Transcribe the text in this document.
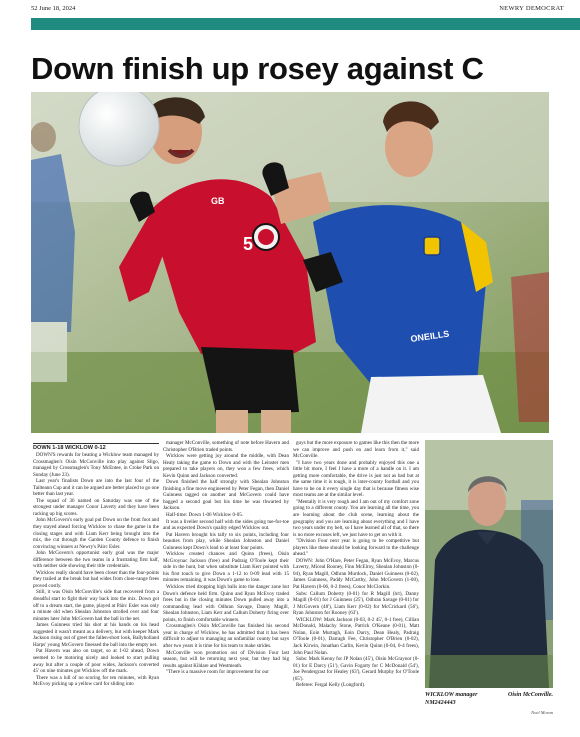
52 June 18, 2024	NEWRY DEMOCRAT
Down finish up rosey against C
GB
5
ONEILLS

DOWN 1-18 WICKLOW 0-12

DOWN'S rewards for beating a Wicklow team managed by Crossmaglen's Oisín McConville into play against Sligo, managed by Crossmaglen's Tony McEntee, in Croke Park on Sunday (June 23).

Last year's finalists Down are into the last four of the Tailteann Cup and it can be argued are better placed to go one better than last year.

The squad of 36 named on Saturday was one of the strongest under manager Conor Laverty and they have been racking up big scores.

John McGovern's early goal put Down on the front foot and they stayed ahead forcing Wicklow to chase the game in the closing stages and with Liam Kerr being brought into the mix, the cut through the Garden County defence to finish convincing winners at Newry's Páirc Esler.

John McGovern's opportunist early goal was the major difference between the two teams in a frustrating first half, with neither side showing their title credentials.

Wicklow really should have been closer than the four-points they trailed at the break but bad wides from close-range frees proved costly.

Still, it was Oisín McConville's side that recovered from a dreadful start to fight their way back into the mix. Down got off to a dream start, the game, played at Páirc Esler was only a minute old when Shealan Johnston strolled over and four minutes later John McGovern had the ball in the net.

James Guinness tried his shot at his hands on his head suggested it wasn't meant as a delivery, but with keeper Mark Jackson rising out of greet the fallen-short look, Ballyholland Harps' young McGovern finessed the ball into the empty net.

Pat Havern was also on target, so at 1-02 ahead, Down seemed to be motoring nicely and looked to start pulling away but after a couple of poor wides, Jackson's converted 45' on nine minutes got Wicklow off the mark.

There was a lull of no scoring for ten minutes, with Ryan McEvoy picking up a yellow card for sliding into

manager McConville, something of note before Havern and Christopher O'Brien traded points.

Wicklow were getting joy around the middle, with Dean Healy taking the game to Down and with the Leinster men prepared to take players on, they won a few frees, which Kevin Quinn and Jackson converted.

Down finished the half strongly with Shealan Johnston finishing a fine move engineered by Peter Fegan, then Daniel Guinness tagged on another and McGovern could have bagged a second goal but his time he was thwarted by Jackson.

Half-time: Down 1-06 Wicklow 0-05.

It was a livelier second half with the sides going toe-for-toe and as expected Down's quality edged Wicklow out.

Pat Havern brought his tally to six points, including four beauties from play, while Shealan Johnston and Daniel Guinness kept Down's lead to at least four points.

Wicklow created chances and Quinn (frees), Oisín McGroynac Jackson (free) and Padraig O'Toole kept their side in the hunt, but when substitute Liam Kerr pointed with his first touch to give Down a 1-12 to 0-09 lead with 15 minutes remaining, it was Down's game to lose.

Wicklow tried dropping high balls into the danger zone but Down's defence held firm. Quinn and Ryan McEvoy traded frees but in the closing minutes Down pulled away into a commanding lead with Odhran Savage, Danny Magill, Shealan Johnston, Liam Kerr and Callum Doherty firing over points, to finish comfortable winners.

Crossmaglen's Oisín McConville has finished his second year in charge of Wicklow, he has admitted that it has been difficult to adjust to managing an unfamiliar county but says after two years it is time for his team to make strides.

McConville won promotion out of Division Four last season, but will be returning next year, but they had big results against Kildare and Westmeath.

"There is a massive room for improvement for our

guys but the more exposure to games like this then the more we can improve and push on and learn from it," said McConville.

"I have two years done and probably enjoyed this one a little bit more, I feel I have a more of a handle on it. I am getting more comfortable, the drive is just not as bad but at the same time it is tough, it is inter-county football and you have to be on it every single day that is because fitness wise most teams are at the similar level.

"Mentally it is very tough and I am out of my comfort zone going to a different county. You are learning all the time, you are learning about the club scene, learning about the geography and you are learning about everything and I have two years under my belt, so I have learned all of that, so there is no more excuses left, we just have to get on with it.

"Division Four next year is going to be competitive but players like these should be looking forward to the challenge ahead."

DOWN: John O'Hare, Peter Fegan, Ryan McEvoy, Marcus Laverty, Miceal Rooney, Finn McElroy, Shealan Johnston (0-04), Ryan Magill, Odhran Murdock, Daniel Guinness (0-02), James Guinness, Paddy McCarthy, John McGovern (1-00), Pat Havern (0-06, 0-2 frees), Conor McClorkin.

Subs: Callum Doherty (0-01) for R Magill (h/t), Danny Magill (0-01) for J Guinness (25'), Odhran Savage (0-01) for J McGovern (48'), Liam Kerr (0-02) for McCrickard (56'), Ryan Johnston for Rooney (63').

WICKLOW: Mark Jackson (0-03, 0-2 45', 0-1 free), Cillian McDonald, Malachy Stone, Patrick O'Keane (0-01), Matt Nolan, Eoin Murtagh, Eoin Darcy, Dean Healy, Padraig O'Toole (0-01), Darragh Fee, Christopher O'Brien (0-02), Jack Kirwin, Jonathan Carlin, Kevin Quinn (0-04, 0-4 frees), John Paul Nolan.

Subs: Mark Kenny for JP Nolan (45'), Oisín McGraynor (0-01) for E Darcy (51'), Gavin Fogarty for C McDonald (54'), Joe Pendergrast for Healey (63'), Gerard Murphy for O'Toole (65').

Referee: Fergal Kelly (Longford).

WICKLOW manager	Oisin McConville.
NM2424443
Noel Moran
